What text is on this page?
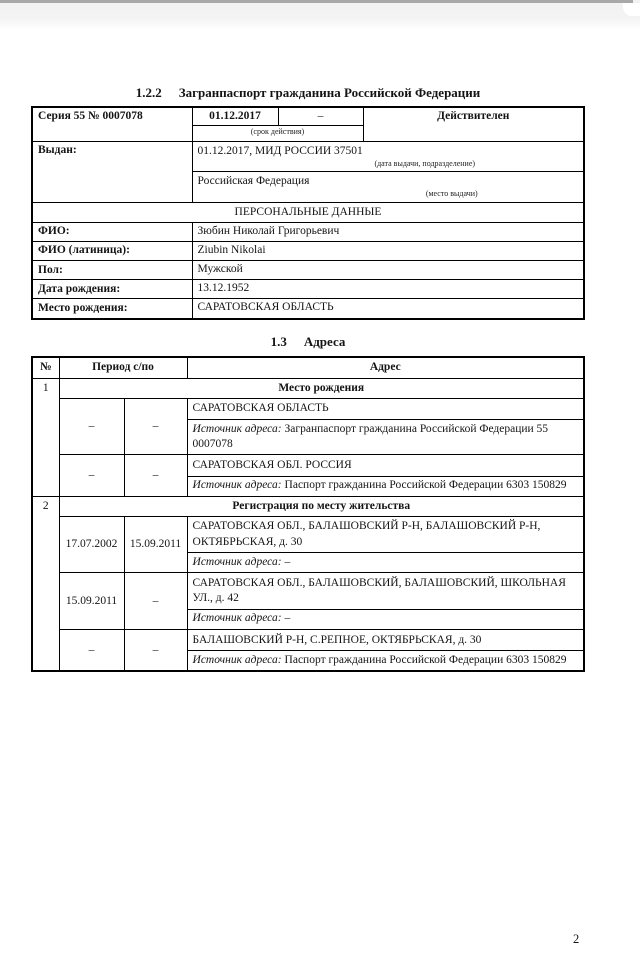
1.2.2 Загранпаспорт гражданина Российской Федерации
Серия 55 № 0007078	01.12.2017	–	Действителен
	(срок действия)		
Выдан:	01.12.2017, МИД РОССИИ 37501
(дата выдачи, подразделение)		

	Российская Федерация
(место выдачи)		

ПЕРСОНАЛЬНЫЕ ДАННЫЕ			
ФИО:	Зюбин Николай Григорьевич		
ФИО (латиница):	Ziubin Nikolai		
Пол:	Мужской		
Дата рождения:	13.12.1952		
Место рождения:	САРАТОВСКАЯ ОБЛАСТЬ		
1.3 Адреса
№	Период с/по		Адрес
1	Место рождения		
	–	–	САРАТОВСКАЯ ОБЛАСТЬ
Источник адреса: Загранпаспорт гражданина Российской Федерации 55 0007078

	–	–	САРАТОВСКАЯ ОБЛ. РОССИЯ
Источник адреса: Паспорт гражданина Российской Федерации 6303 150829

2	Регистрация по месту жительства		
	17.07.2002	15.09.2011	САРАТОВСКАЯ ОБЛ., БАЛАШОВСКИЙ Р-Н, БАЛАШОВСКИЙ Р-Н, ОКТЯБРЬСКАЯ, д. 30
Источник адреса: –

	15.09.2011	–	САРАТОВСКАЯ ОБЛ., БАЛАШОВСКИЙ, БАЛАШОВСКИЙ, ШКОЛЬНАЯ УЛ., д. 42
Источник адреса: –

	–	–	БАЛАШОВСКИЙ Р-Н, С.РЕПНОЕ, ОКТЯБРЬСКАЯ, д. 30
Источник адреса: Паспорт гражданина Российской Федерации 6303 150829
2
